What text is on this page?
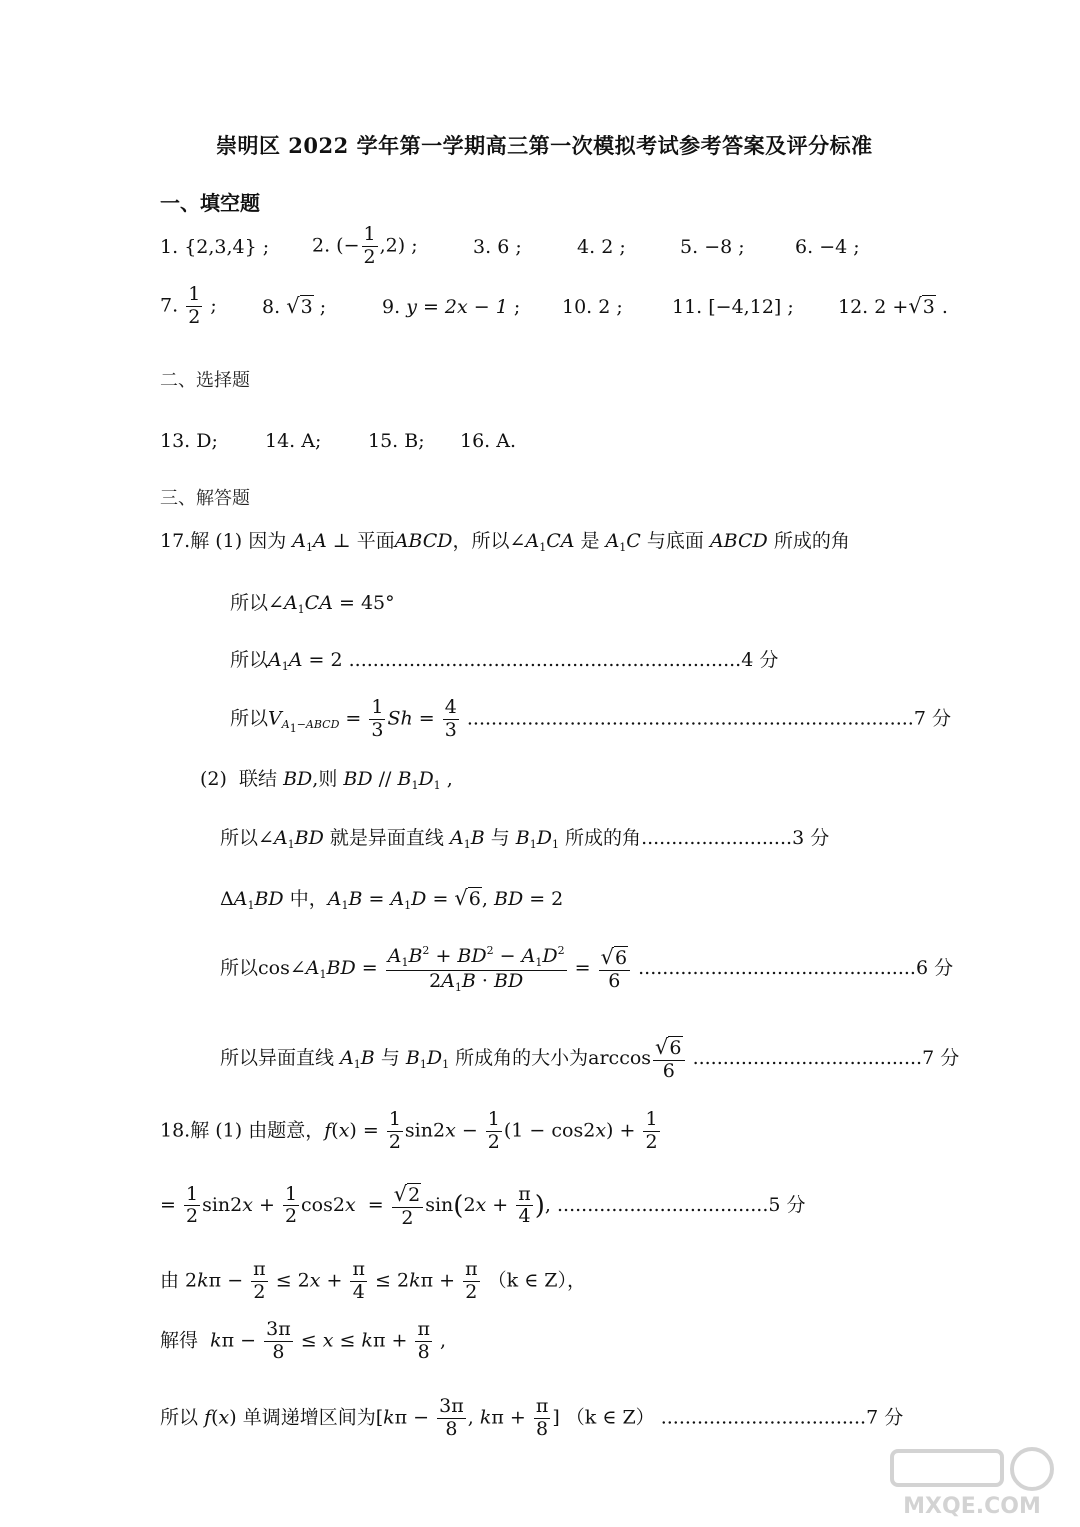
崇明区 2022 学年第一学期高三第一次模拟考试参考答案及评分标准
一、填空题
1. {2,3,4} ; 2. (− $\frac{1}{2} ,2$) ;	3. 6 ;	4. 2 ;	5. −8 ;	6. −4 ;
7. $\frac{1}{2}$ ; 8. √3 ;	9. y = 2x − 1 ; 10. 2 ;	11. [−4,12] ; 12. 2 +√3 .
二、选择题
13. D; 14. A; 15. B; 16. A.
三、解答题
17.解 (1) 因为 $A_1A$ ⊥ 平面ABCD，所以$\angle A_1CA$ 是 $A_1C$ 与底面 ABCD 所成的角
所以$\angle A_1CA = 45^\circ$
所以$A_1A = 2$ .................................................................4 分
所以$V_{A_1-ABCD} = \frac{1}{3}$ $Sh = \frac{4}{3} ..........................................................................7$ 分
(2) 联结 BD,则 BD // $B_1D_1$ ,
所以$\angle A_1BD$ 就是异面直线 $A_1B$ 与 $B_1D_1$ 所成的角.........................3 分
$\Delta A_1BD$ 中，$A_1B = A_1D = √6$, BD = 2
所以$\cos\angle A_1BD = \frac{A_1B^2 + BD^2 - A_1D^2}{2A_1B \cdot BD} = \frac{√6}{6} ..............................................6$ 分
所以异面直线 $A_1B$ 与 $B_1D_1$ 所成角的大小为$\arccos \frac{√6}{6} ......................................7$ 分
18.解 (1) 由题意，$f(x) = \frac{1}{2} \sin 2x - \frac{1}{2} (1 - \cos 2x) + \frac{1}{2}$
= $\frac{1}{2} \sin 2x + \frac{1}{2} \cos 2x = \frac{√2}{2} \sin(2x + \frac{\pi}{4}$ ), ...................................5 分
由 $2k\pi - \frac{\pi}{2} \le 2x + \frac{\pi}{4} \le 2k\pi + \frac{\pi}{2} (k$ ∈ Z），
解得 $k\pi - \frac{3\pi}{8} \le x \le k\pi + \frac{\pi}{8}$ ,
所以 f(x) 单调递增区间为[$k\pi - \frac{3\pi}{8}$ , $k\pi + \frac{\pi}{8}$ ] （k ∈ Z） ..................................7 分
MXQE.COM
